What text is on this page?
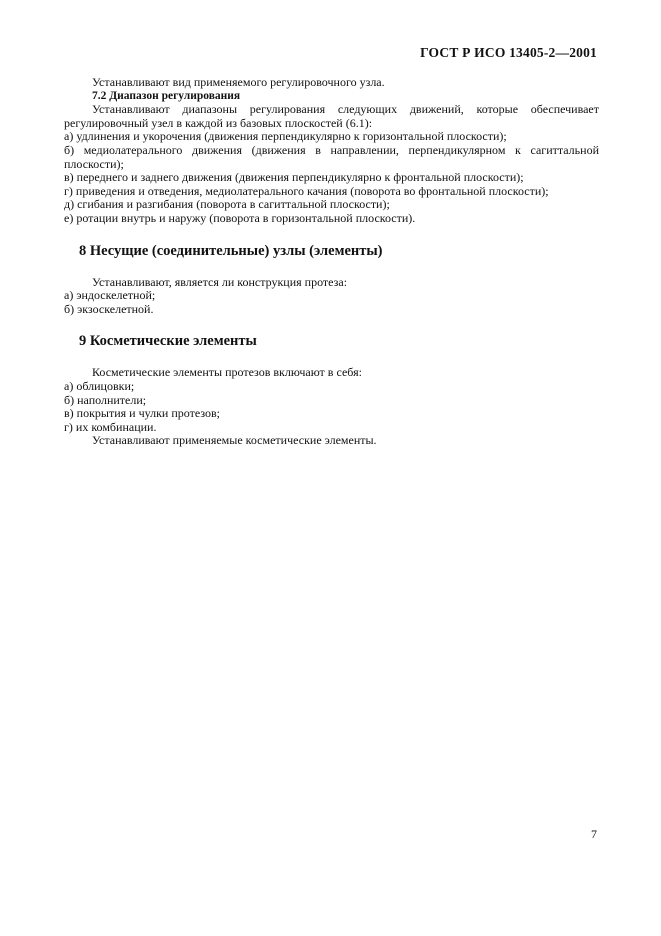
ГОСТ Р ИСО 13405-2—2001

Устанавливают вид применяемого регулировочного узла.

7.2 Диапазон регулирования

Устанавливают диапазоны регулирования следующих движений, которые обеспечивает регулировочный узел в каждой из базовых плоскостей (6.1):

а) удлинения и укорочения (движения перпендикулярно к горизонтальной плоскости);

б) медиолатерального движения (движения в направлении, перпендикулярном к сагиттальной плоскости);

в) переднего и заднего движения (движения перпендикулярно к фронтальной плоскости);

г) приведения и отведения, медиолатерального качания (поворота во фронтальной плоскости);

д) сгибания и разгибания (поворота в сагиттальной плоскости);

е) ротации внутрь и наружу (поворота в горизонтальной плоскости).

8 Несущие (соединительные) узлы (элементы)

Устанавливают, является ли конструкция протеза:

а) эндоскелетной;

б) экзоскелетной.

9 Косметические элементы

Косметические элементы протезов включают в себя:

а) облицовки;

б) наполнители;

в) покрытия и чулки протезов;

г) их комбинации.

Устанавливают применяемые косметические элементы.

7
